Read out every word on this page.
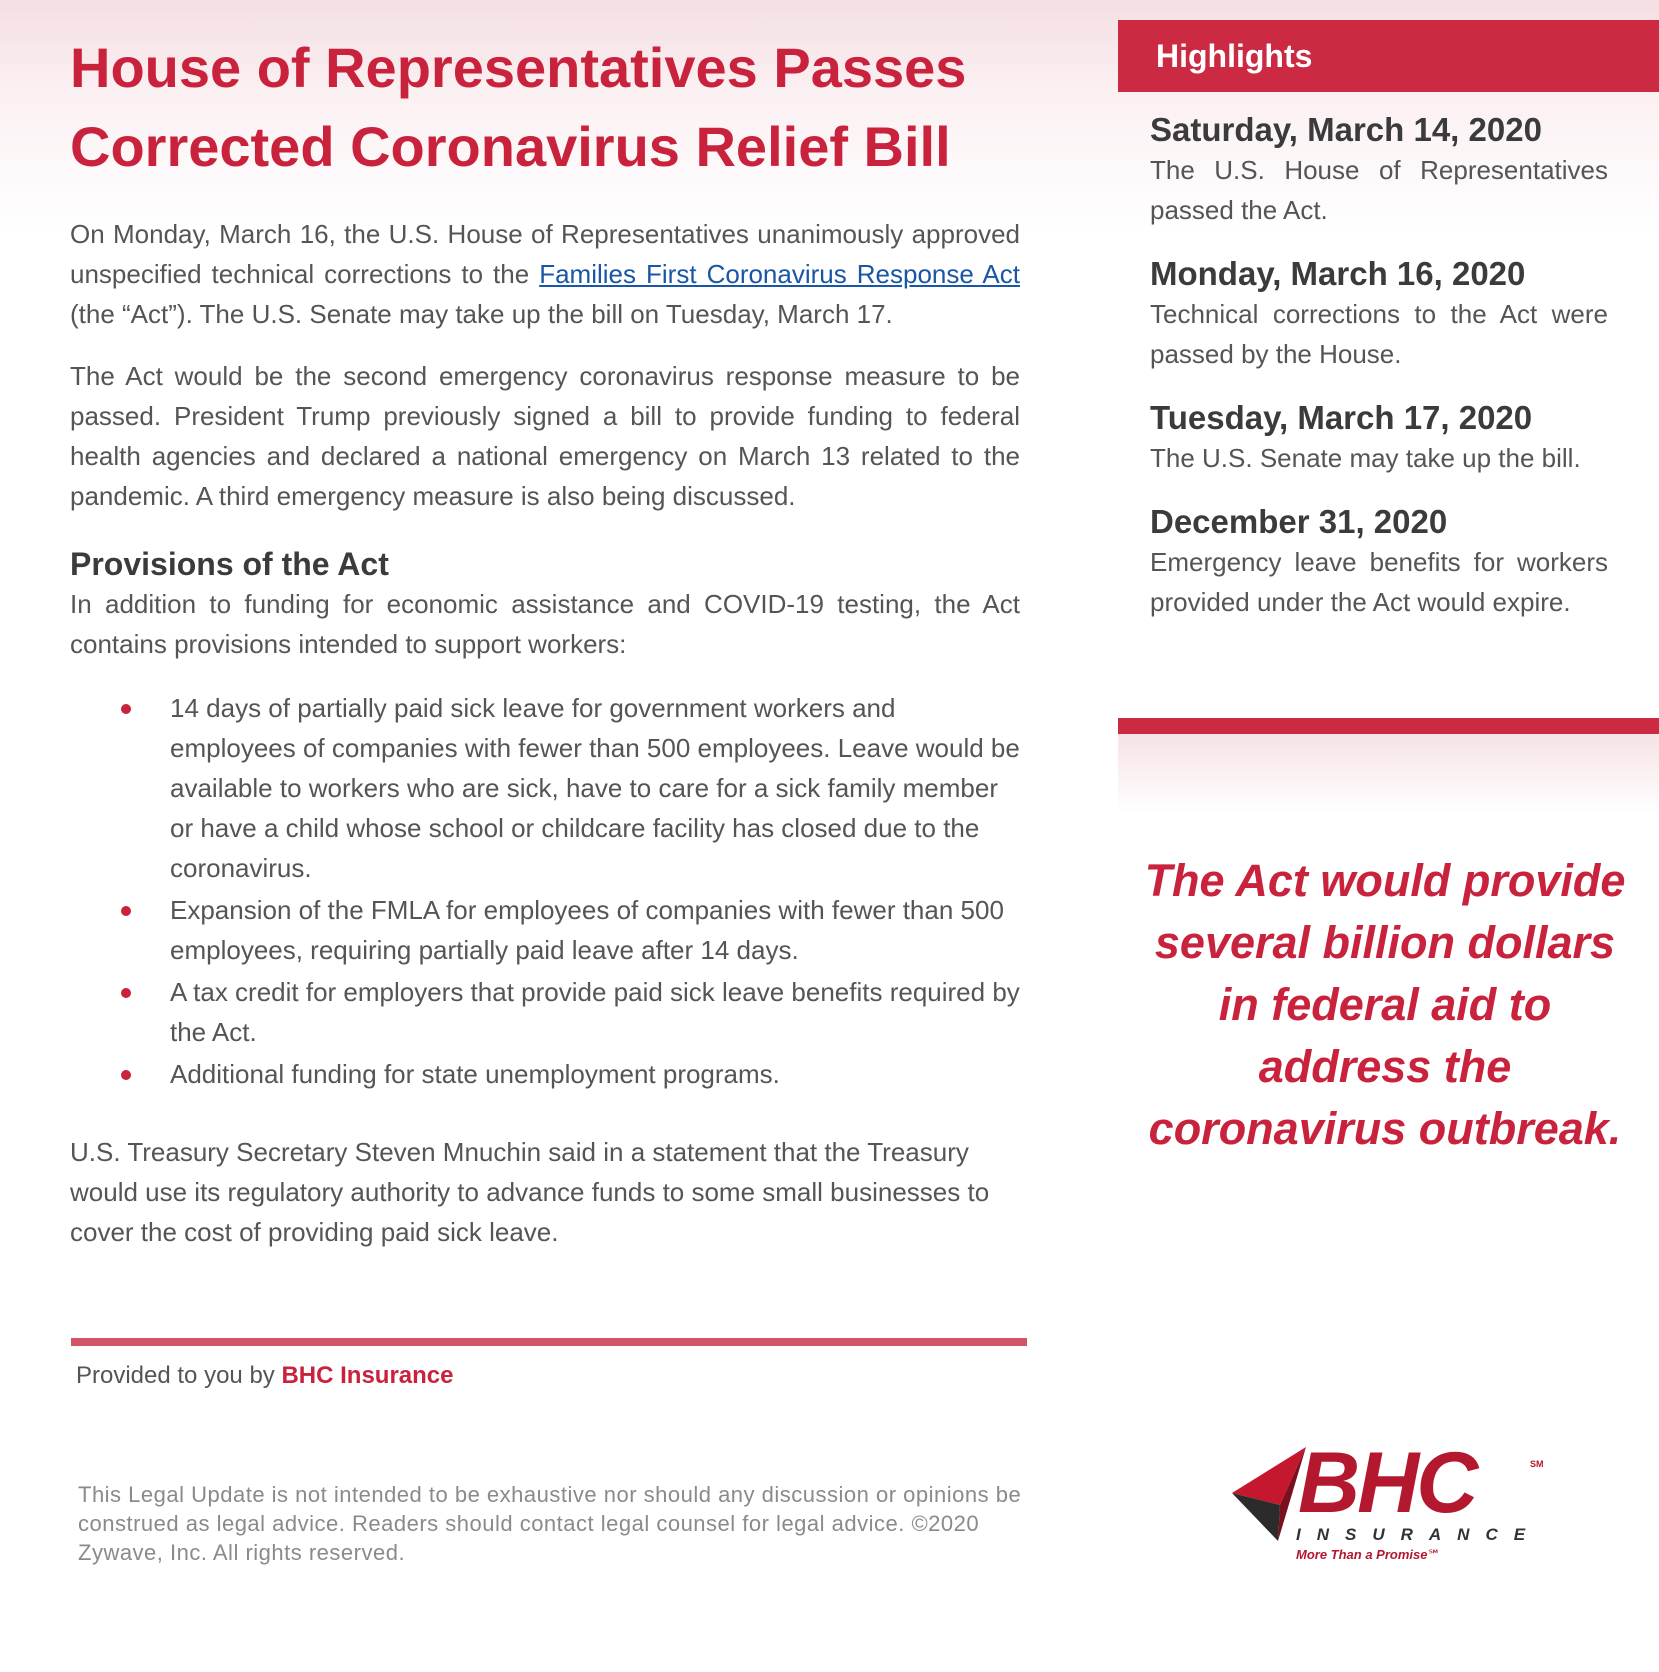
House of Representatives Passes
Corrected Coronavirus Relief Bill

On Monday, March 16, the U.S. House of Representatives unanimously approved unspecified technical corrections to the Families First Coronavirus Response Act (the “Act”). The U.S. Senate may take up the bill on Tuesday, March 17.

The Act would be the second emergency coronavirus response measure to be passed. President Trump previously signed a bill to provide funding to federal health agencies and declared a national emergency on March 13 related to the pandemic. A third emergency measure is also being discussed.

Provisions of the Act

In addition to funding for economic assistance and COVID-19 testing, the Act contains provisions intended to support workers:

14 days of partially paid sick leave for government workers and employees of companies with fewer than 500 employees. Leave would be available to workers who are sick, have to care for a sick family member or have a child whose school or childcare facility has closed due to the coronavirus.
Expansion of the FMLA for employees of companies with fewer than 500 employees, requiring partially paid leave after 14 days.
A tax credit for employers that provide paid sick leave benefits required by the Act.
Additional funding for state unemployment programs.

U.S. Treasury Secretary Steven Mnuchin said in a statement that the Treasury would use its regulatory authority to advance funds to some small businesses to cover the cost of providing paid sick leave.

Provided to you by BHC Insurance
This Legal Update is not intended to be exhaustive nor should any discussion or opinions be construed as legal advice. Readers should contact legal counsel for legal advice. ©2020 Zywave, Inc. All rights reserved.
Highlights
Saturday, March 14, 2020
The U.S. House of Representatives passed the Act.
Monday, March 16, 2020
Technical corrections to the Act were passed by the House.
Tuesday, March 17, 2020
The U.S. Senate may take up the bill.
December 31, 2020
Emergency leave benefits for workers provided under the Act would expire.
The Act would provide several billion dollars in federal aid to address the coronavirus outbreak.
BHC	SM
INSURANCE
More Than a Promise℠
